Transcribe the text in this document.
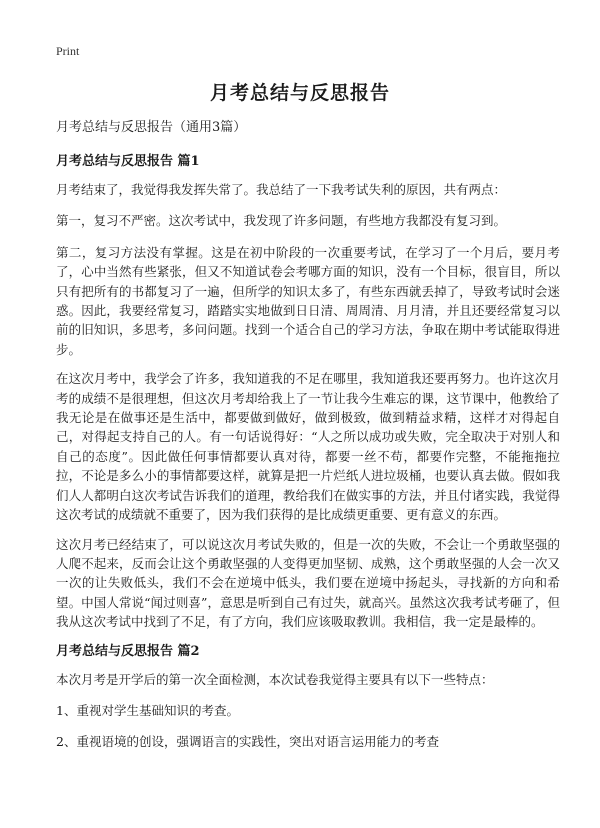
Print
月考总结与反思报告

月考总结与反思报告（通用3篇）

月考总结与反思报告 篇1

月考结束了，我觉得我发挥失常了。我总结了一下我考试失利的原因，共有两点：

第一，复习不严密。这次考试中，我发现了许多问题，有些地方我都没有复习到。

第二，复习方法没有掌握。这是在初中阶段的一次重要考试，在学习了一个月后，要月考了，心中当然有些紧张，但又不知道试卷会考哪方面的知识，没有一个目标，很盲目，所以只有把所有的书都复习了一遍，但所学的知识太多了，有些东西就丢掉了，导致考试时会迷惑。因此，我要经常复习，踏踏实实地做到日日清、周周清、月月清，并且还要经常复习以前的旧知识，多思考，多问问题。找到一个适合自己的学习方法，争取在期中考试能取得进步。

在这次月考中，我学会了许多，我知道我的不足在哪里，我知道我还要再努力。也许这次月考的成绩不是很理想，但这次月考却给我上了一节让我今生难忘的课，这节课中，他教给了我无论是在做事还是生活中，都要做到做好，做到极致，做到精益求精，这样才对得起自己，对得起支持自己的人。有一句话说得好：“人之所以成功或失败，完全取决于对别人和自己的态度”。因此做任何事情都要认真对待，都要一丝不苟，都要作完整，不能拖拖拉拉，不论是多么小的事情都要这样，就算是把一片烂纸人进垃圾桶，也要认真去做。假如我们人人都明白这次考试告诉我们的道理，教给我们在做实事的方法，并且付诸实践，我觉得这次考试的成绩就不重要了，因为我们获得的是比成绩更重要、更有意义的东西。

这次月考已经结束了，可以说这次月考试失败的，但是一次的失败，不会让一个勇敢坚强的人爬不起来，反而会让这个勇敢坚强的人变得更加坚韧、成熟，这个勇敢坚强的人会一次又一次的让失败低头，我们不会在逆境中低头，我们要在逆境中扬起头，寻找新的方向和希望。中国人常说“闻过则喜”，意思是听到自己有过失，就高兴。虽然这次我考试考砸了，但我从这次考试中找到了不足，有了方向，我们应该吸取教训。我相信，我一定是最棒的。

月考总结与反思报告 篇2

本次月考是开学后的第一次全面检测，本次试卷我觉得主要具有以下一些特点：

1、重视对学生基础知识的考查。

2、重视语境的创设，强调语言的实践性，突出对语言运用能力的考查
